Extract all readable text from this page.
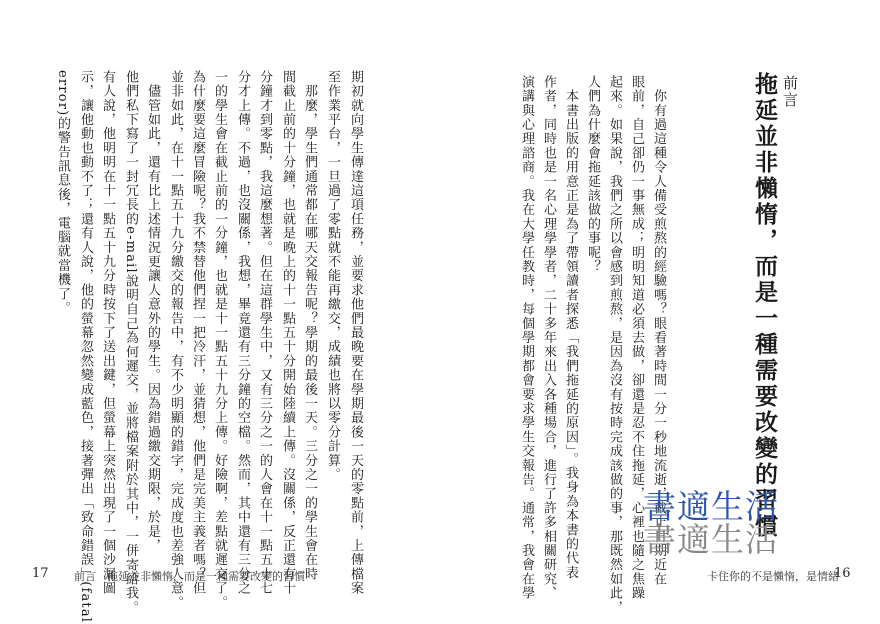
期初就向學生傳達這項任務，並要求他們最晚要在學期最後一天的零點前，上傳檔案
至作業平台，一旦過了零點就不能再繳交，成績也將以零分計算。
　那麼，學生們通常都在哪天交報告呢？學期的最後一天。三分之一的學生會在時
間截止前的十分鐘，也就是晚上的十一點五十分開始陸續上傳。沒關係，反正還有十
分鐘才到零點，我這麼想著。但在這群學生中，又有三分之一的人會在十一點五十七
分才上傳。不過，也沒關係，我想，畢竟還有三分鐘的空檔。然而，其中還有三分之
一的學生會在截止前的一分鐘，也就是十一點五十九分上傳。好險啊，差點就遲交了。
為什麼要這麼冒險呢？我不禁替他們捏一把冷汗，並猜想，他們是完美主義者嗎？但
並非如此，在十一點五十九分繳交的報告中，有不少明顯的錯字，完成度也差強人意。
　儘管如此，還有比上述情況更讓人意外的學生。因為錯過繳交期限，於是，
他們私下寫了一封冗長的e-mail說明自己為何遲交，並將檔案附於其中，一併寄給我。
有人說，他明明在十一點五十九分時按下了送出鍵，但螢幕上突然出現了一個沙漏圖
示，讓他動也動不了；還有人說，他的螢幕忽然變成藍色，接著彈出「致命錯誤」(fatal
error)的警告訊息後，電腦就當機了。
17 前言　拖延並非懶惰，而是一種需要改變的習慣
前言
拖延並非懶惰，而是一種需要改變的習慣
　你有過這種令人備受煎熬的經驗嗎？眼看著時間一分一秒地流逝，截止日期近在
眼前，自己卻仍一事無成；明明知道必須去做，卻還是忍不住拖延，心裡也隨之焦躁
起來。如果說，我們之所以會感到煎熬，是因為沒有按時完成該做的事，那既然如此，
人們為什麼會拖延該做的事呢？
　本書出版的用意正是為了帶領讀者探悉「我們拖延的原因」。我身為本書的代表
作者，同時也是一名心理學學者，二十多年來出入各種場合，進行了許多相關研究、
演講與心理諮商。我在大學任教時，每個學期都會要求學生交報告。通常，我會在學	卡住你的不是懶惰，是情緒
16
書適生活
書適生活
